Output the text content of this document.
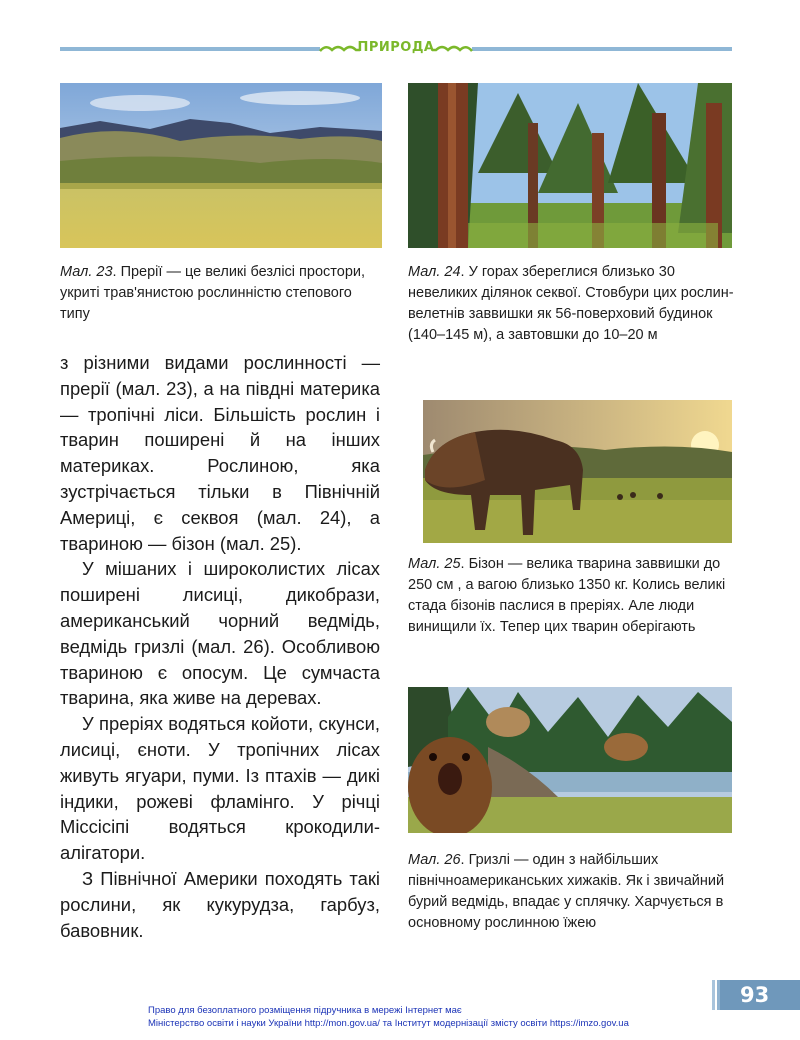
ПРИРОДА
Мал. 23. Прерії — це великі безлісі простори, укриті трав'янистою рослинністю степового типу
Мал. 24. У горах збереглися близько 30 невеликих ділянок секвої. Стовбури цих рослин-велетнів заввишки як 56-поверховий будинок (140–145 м), а завтовшки до 10–20 м
Мал. 25. Бізон — велика тварина заввишки до 250 см , а вагою близько 1350 кг. Колись великі стада бізонів паслися в преріях. Але люди винищили їх. Тепер цих тварин оберігають
Мал. 26. Гризлі — один з найбільших північноамериканських хижаків. Як і звичайний бурий ведмідь, впадає у сплячку. Харчується в основному рослинною їжею

з різними видами рослинності — прерії (мал. 23), а на півдні материка — тропічні ліси. Більшість рослин і тварин поширені й на інших материках. Рослиною, яка зустрічається тільки в Північній Америці, є секвоя (мал. 24), а твариною — бізон (мал. 25).

У мішаних і широколистих лісах поширені лисиці, дикобрази, американський чорний ведмідь, ведмідь гризлі (мал. 26). Особливою твариною є опосум. Це сумчаста тварина, яка живе на деревах.

У преріях водяться койоти, скунси, лисиці, єноти. У тропічних лісах живуть ягуари, пуми. Із птахів — дикі індики, рожеві фламінго. У річці Міссісіпі водяться крокодили-алігатори.

З Північної Америки походять такі рослини, як кукурудза, гарбуз, бавовник.

93
Право для безоплатного розміщення підручника в мережі Інтернет має
Міністерство освіти і науки України http://mon.gov.ua/ та Інститут модернізації змісту освіти https://imzo.gov.ua
